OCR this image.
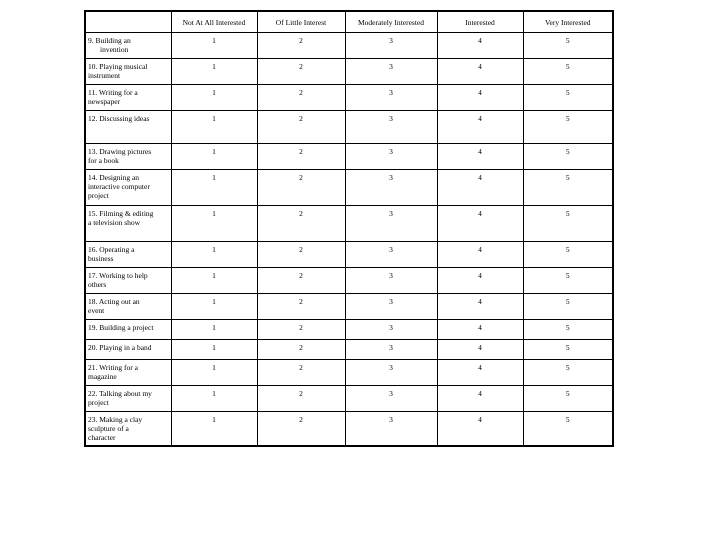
	Not At All Interested	Of Little Interest	Moderately Interested	Interested	Very Interested
9. Building an

invention	1	2	3	4	5
10. Playing musical
instrument	1	2	3	4	5
11. Writing for a
newspaper	1	2	3	4	5
12. Discussing ideas	1	2	3	4	5
13. Drawing pictures
for a book	1	2	3	4	5
14. Designing an
interactive computer
project	1	2	3	4	5
15. Filming & editing
a television show	1	2	3	4	5
16. Operating a
business	1	2	3	4	5
17. Working to help
others	1	2	3	4	5
18. Acting out an
event	1	2	3	4	5
19. Building a project	1	2	3	4	5
20. Playing in a band	1	2	3	4	5
21. Writing for a
magazine	1	2	3	4	5
22. Talking about my
project	1	2	3	4	5
23. Making a clay
sculpture of a
character	1	2	3	4	5
